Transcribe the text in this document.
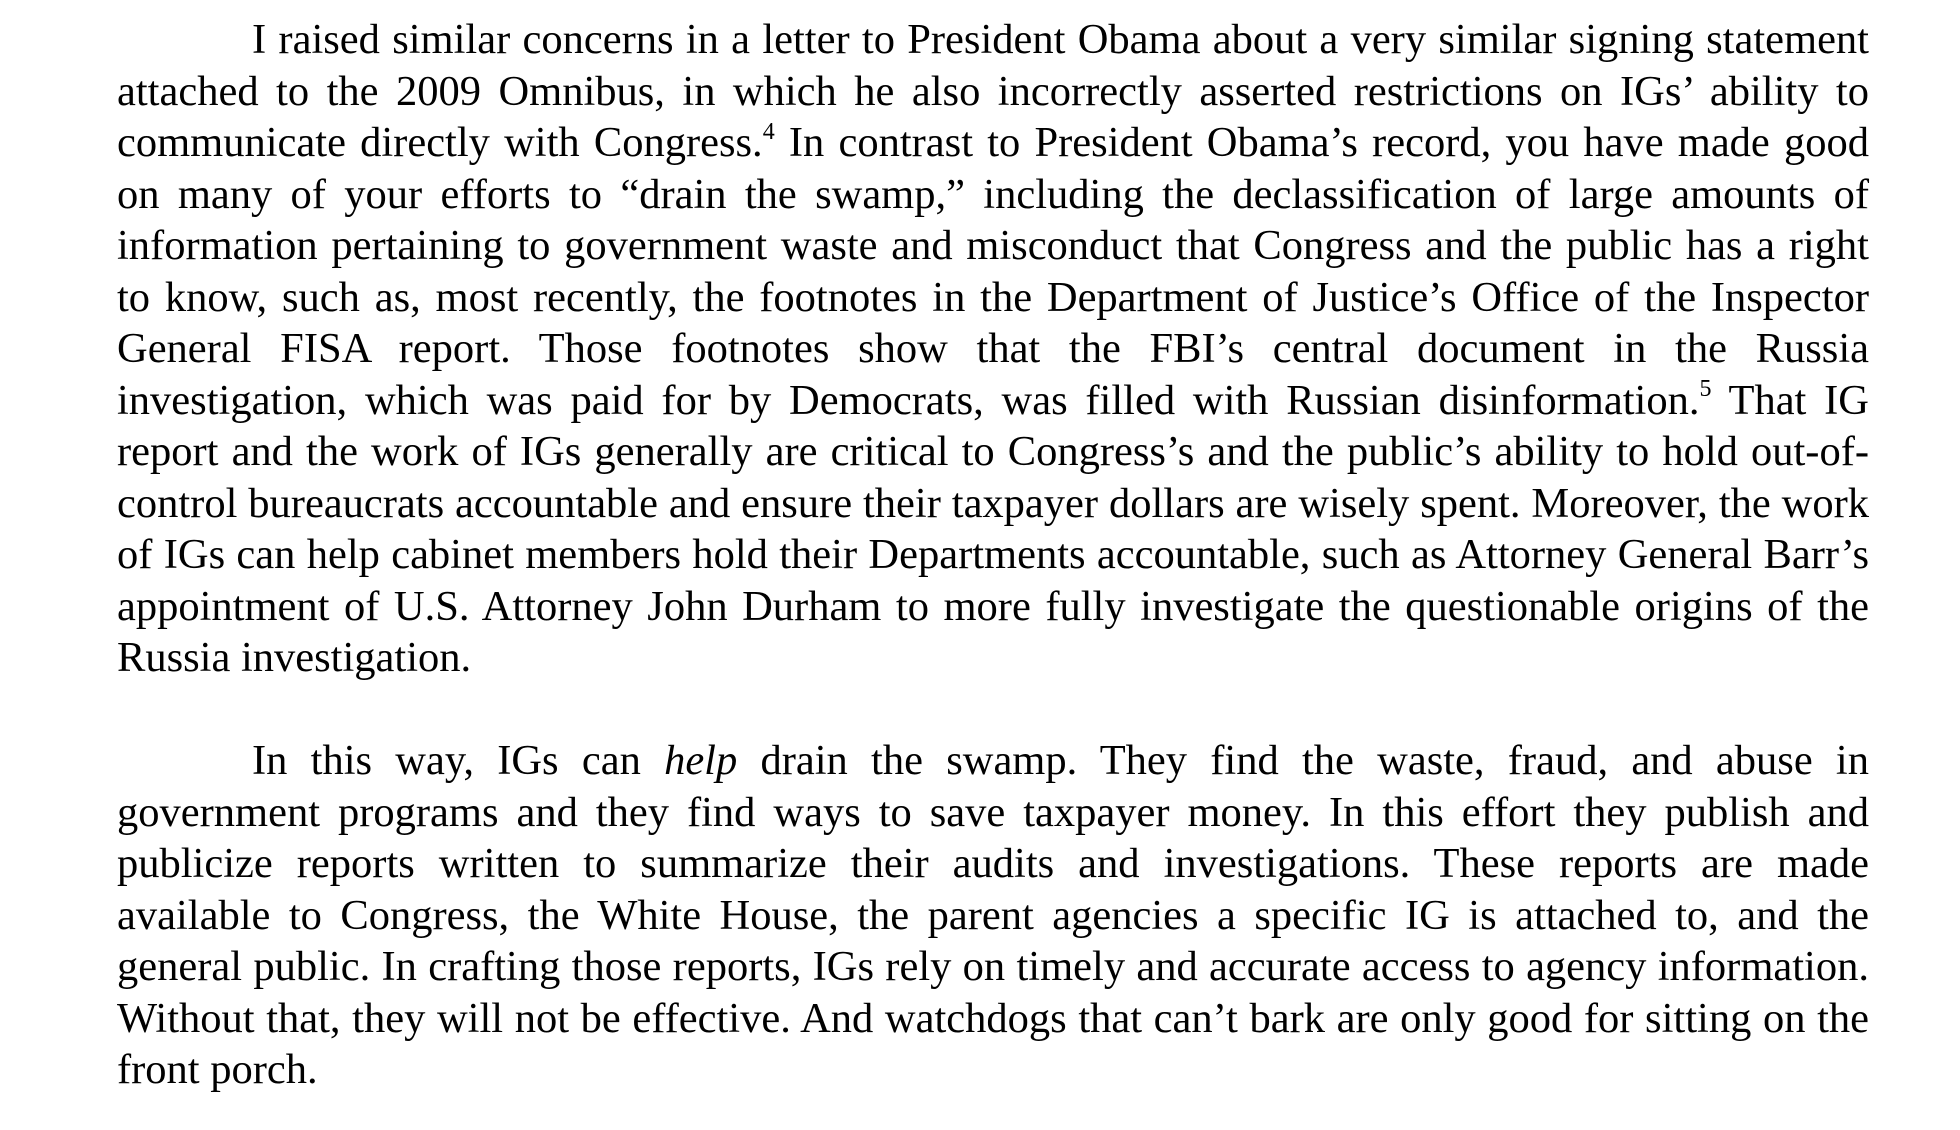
I raised similar concerns in a letter to President Obama about a very similar signing statement attached to the 2009 Omnibus, in which he also incorrectly asserted restrictions on IGs’ ability to communicate directly with Congress.$^4$ In contrast to President Obama’s record, you have made good on many of your efforts to “drain the swamp,” including the declassification of large amounts of information pertaining to government waste and misconduct that Congress and the public has a right to know, such as, most recently, the footnotes in the Department of Justice’s Office of the Inspector General FISA report. Those footnotes show that the FBI’s central document in the Russia investigation, which was paid for by Democrats, was filled with Russian disinformation.$^5$ That IG report and the work of IGs generally are critical to Congress’s and the public’s ability to hold out-of-control bureaucrats accountable and ensure their taxpayer dollars are wisely spent. Moreover, the work of IGs can help cabinet members hold their Departments accountable, such as Attorney General Barr’s appointment of U.S. Attorney John Durham to more fully investigate the questionable origins of the Russia investigation.

In this way, IGs can help drain the swamp. They find the waste, fraud, and abuse in government programs and they find ways to save taxpayer money. In this effort they publish and publicize reports written to summarize their audits and investigations. These reports are made available to Congress, the White House, the parent agencies a specific IG is attached to, and the general public. In crafting those reports, IGs rely on timely and accurate access to agency information. Without that, they will not be effective. And watchdogs that can’t bark are only good for sitting on the front porch.
